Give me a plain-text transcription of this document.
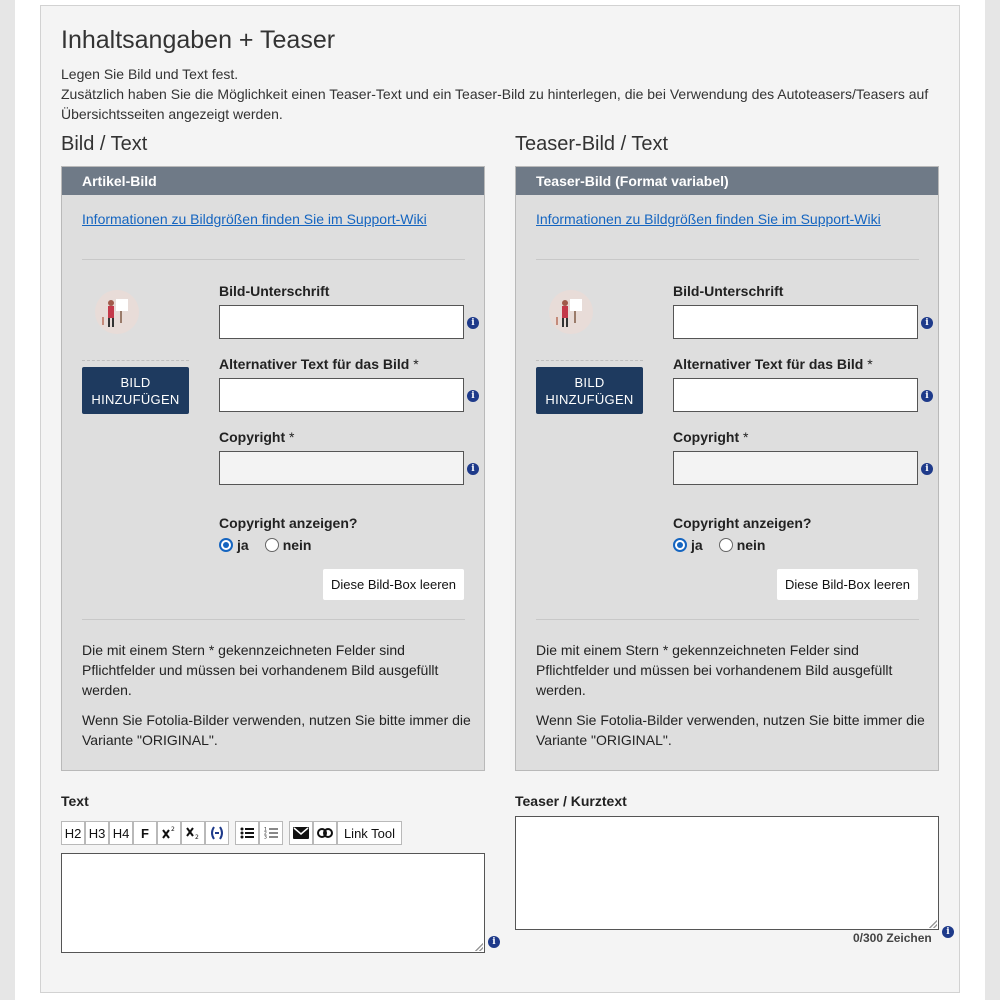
Inhaltsangaben + Teaser

Legen Sie Bild und Text fest.

Zusätzlich haben Sie die Möglichkeit einen Teaser-Text und ein Teaser-Bild zu hinterlegen, die bei Verwendung des Autoteasers/Teasers auf Übersichtsseiten angezeigt werden.

Bild / Text	Teaser-Bild / Text
Artikel-Bild
Informationen zu Bildgrößen finden Sie im Support-Wiki
BILD
HINZUFÜGEN
Bild-Unterschrift
i
Alternativer Text für das Bild *
i
Copyright *
i
Copyright anzeigen?
ja nein
Diese Bild-Box leeren

Die mit einem Stern * gekennzeichneten Felder sind Pflichtfelder und müssen bei vorhandenem Bild ausgefüllt werden.

Wenn Sie Fotolia-Bilder verwenden, nutzen Sie bitte immer die Variante "ORIGINAL".

Teaser-Bild (Format variabel)
Informationen zu Bildgrößen finden Sie im Support-Wiki
BILD
HINZUFÜGEN
Bild-Unterschrift
i
Alternativer Text für das Bild *
i
Copyright *
i
Copyright anzeigen?
ja nein
Diese Bild-Box leeren

Die mit einem Stern * gekennzeichneten Felder sind Pflichtfelder und müssen bei vorhandenem Bild ausgefüllt werden.

Wenn Sie Fotolia-Bilder verwenden, nutzen Sie bitte immer die Variante "ORIGINAL".

Text
H2 H3 H4 F	2
2
1
2
3	Link Tool
i
Teaser / Kurztext
0/300 Zeichen	i
